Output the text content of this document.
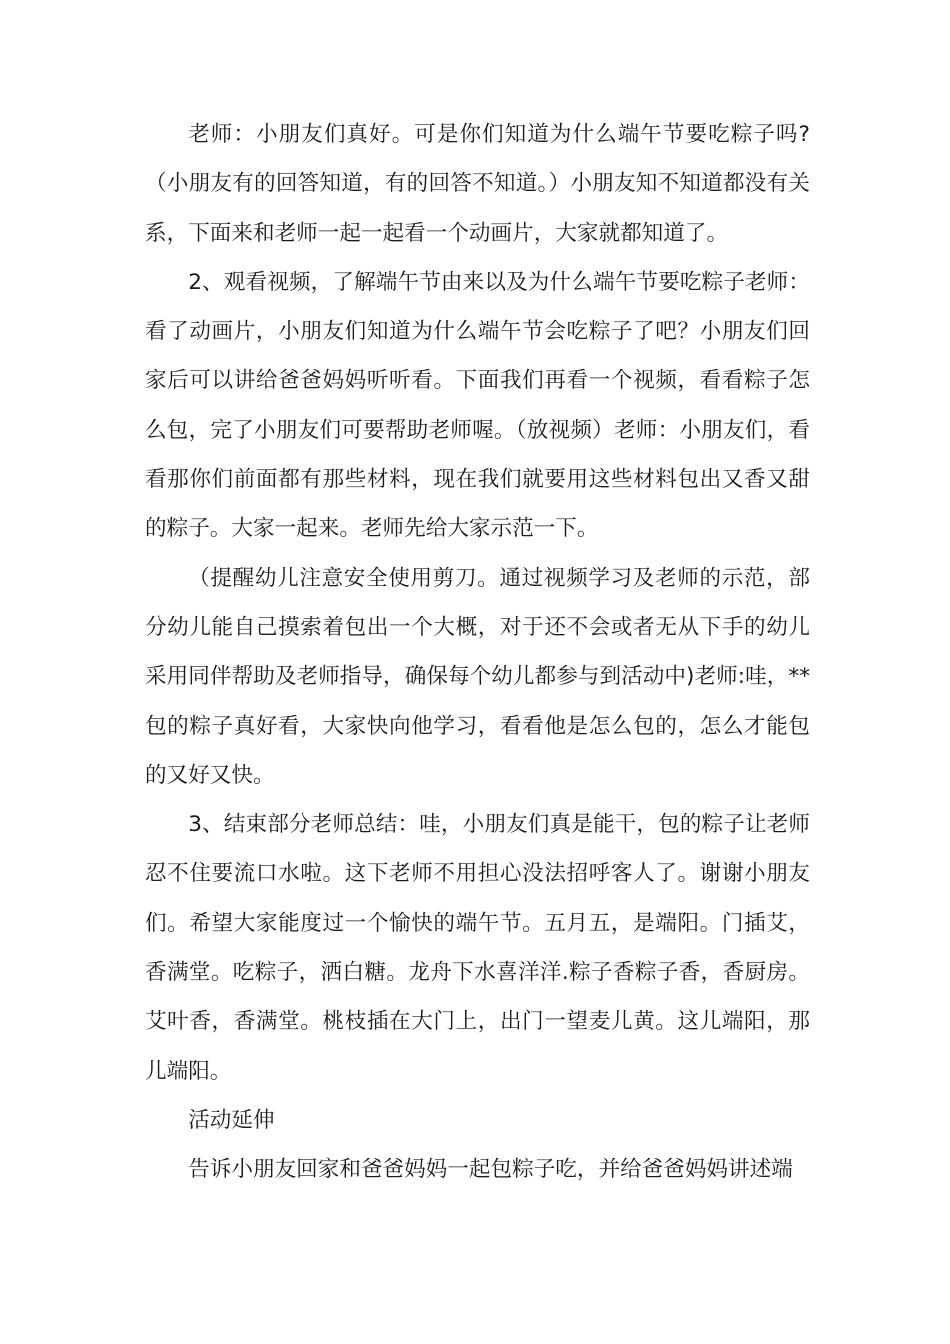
老师：小朋友们真好。可是你们知道为什么端午节要吃粽子吗?（小朋友有的回答知道，有的回答不知道。）小朋友知不知道都没有关系，下面来和老师一起一起看一个动画片，大家就都知道了。

2、观看视频，了解端午节由来以及为什么端午节要吃粽子老师：看了动画片，小朋友们知道为什么端午节会吃粽子了吧？小朋友们回家后可以讲给爸爸妈妈听听看。下面我们再看一个视频，看看粽子怎么包，完了小朋友们可要帮助老师喔。（放视频）老师：小朋友们，看看那你们前面都有那些材料，现在我们就要用这些材料包出又香又甜的粽子。大家一起来。老师先给大家示范一下。

（提醒幼儿注意安全使用剪刀。通过视频学习及老师的示范，部分幼儿能自己摸索着包出一个大概，对于还不会或者无从下手的幼儿采用同伴帮助及老师指导，确保每个幼儿都参与到活动中)老师:哇，**包的粽子真好看，大家快向他学习，看看他是怎么包的，怎么才能包的又好又快。

3、结束部分老师总结：哇，小朋友们真是能干，包的粽子让老师忍不住要流口水啦。这下老师不用担心没法招呼客人了。谢谢小朋友们。希望大家能度过一个愉快的端午节。五月五，是端阳。门插艾，香满堂。吃粽子，洒白糖。龙舟下水喜洋洋.粽子香粽子香，香厨房。艾叶香，香满堂。桃枝插在大门上，出门一望麦儿黄。这儿端阳，那儿端阳。

活动延伸

告诉小朋友回家和爸爸妈妈一起包粽子吃，并给爸爸妈妈讲述端
